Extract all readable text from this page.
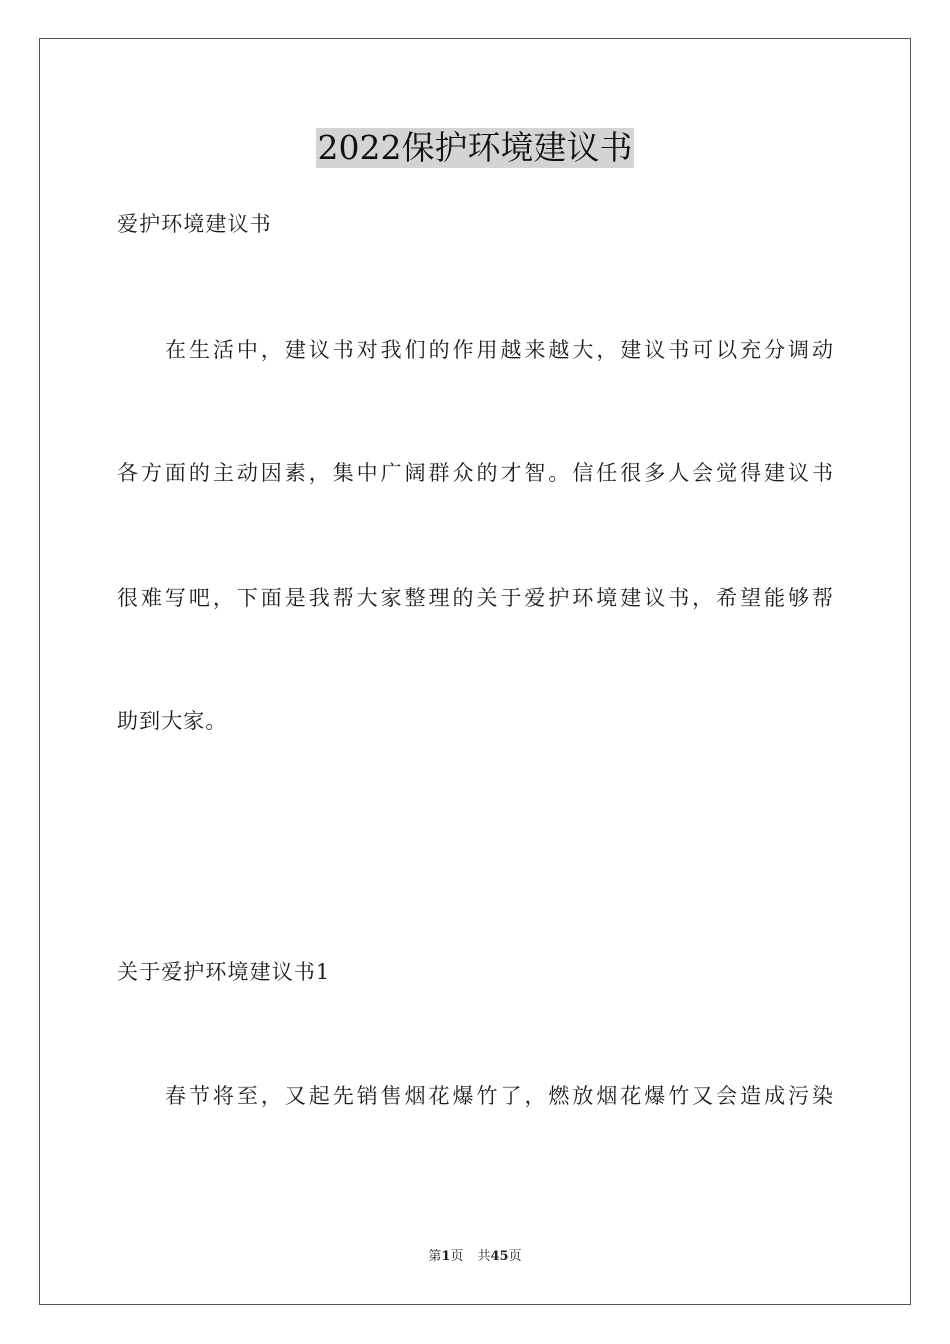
2022保护环境建议书
爱护环境建议书
在生活中，建议书对我们的作用越来越大，建议书可以充分调动
各方面的主动因素，集中广阔群众的才智。信任很多人会觉得建议书
很难写吧，下面是我帮大家整理的关于爱护环境建议书，希望能够帮
助到大家。
关于爱护环境建议书1
春节将至，又起先销售烟花爆竹了，燃放烟花爆竹又会造成污染
第1页 共45页
